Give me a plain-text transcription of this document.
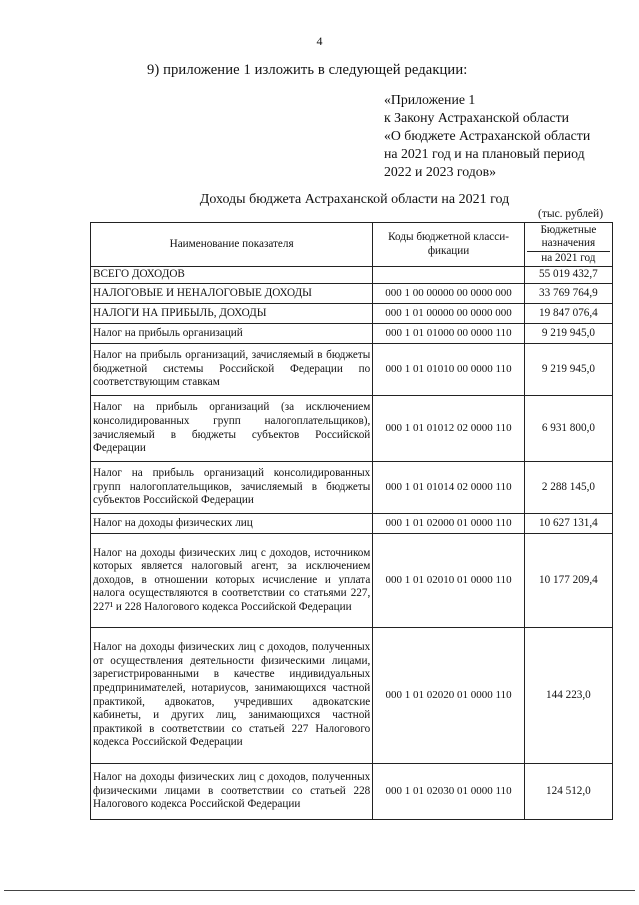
4
9) приложение 1 изложить в следующей редакции:
«Приложение 1
к Закону Астраханской области
«О бюджете Астраханской области
на 2021 год и на плановый период
2022 и 2023 годов»
Доходы бюджета Астраханской области на 2021 год
(тыс. рублей)
Наименование показателя	Коды бюджетной класси-фикации	Бюджетные
назначения
на 2021 год

ВСЕГО ДОХОДОВ		55 019 432,7
НАЛОГОВЫЕ И НЕНАЛОГОВЫЕ ДОХОДЫ	000 1 00 00000 00 0000 000	33 769 764,9
НАЛОГИ НА ПРИБЫЛЬ, ДОХОДЫ	000 1 01 00000 00 0000 000	19 847 076,4
Налог на прибыль организаций	000 1 01 01000 00 0000 110	9 219 945,0
Налог на прибыль организаций, зачисляемый в бюджеты бюджетной системы Российской Федерации по соответствующим ставкам	000 1 01 01010 00 0000 110	9 219 945,0
Налог на прибыль организаций (за исключением консолидированных групп налогоплательщиков), зачисляемый в бюджеты субъектов Российской Федерации	000 1 01 01012 02 0000 110	6 931 800,0
Налог на прибыль организаций консолидированных групп налогоплательщиков, зачисляемый в бюджеты субъектов Российской Федерации	000 1 01 01014 02 0000 110	2 288 145,0
Налог на доходы физических лиц	000 1 01 02000 01 0000 110	10 627 131,4
Налог на доходы физических лиц с доходов, источником которых является налоговый агент, за исключением доходов, в отношении которых исчисление и уплата налога осуществляются в соответствии со статьями 227, 227¹ и 228 Налогового кодекса Российской Федерации	000 1 01 02010 01 0000 110	10 177 209,4
Налог на доходы физических лиц с доходов, полученных от осуществления деятельности физическими лицами, зарегистрированными в качестве индивидуальных предпринимателей, нотариусов, занимающихся частной практикой, адвокатов, учредивших адвокатские кабинеты, и других лиц, занимающихся частной практикой в соответствии со статьей 227 Налогового кодекса Российской Федерации	000 1 01 02020 01 0000 110	144 223,0
Налог на доходы физических лиц с доходов, полученных физическими лицами в соответствии со статьей 228 Налогового кодекса Российской Федерации	000 1 01 02030 01 0000 110	124 512,0
